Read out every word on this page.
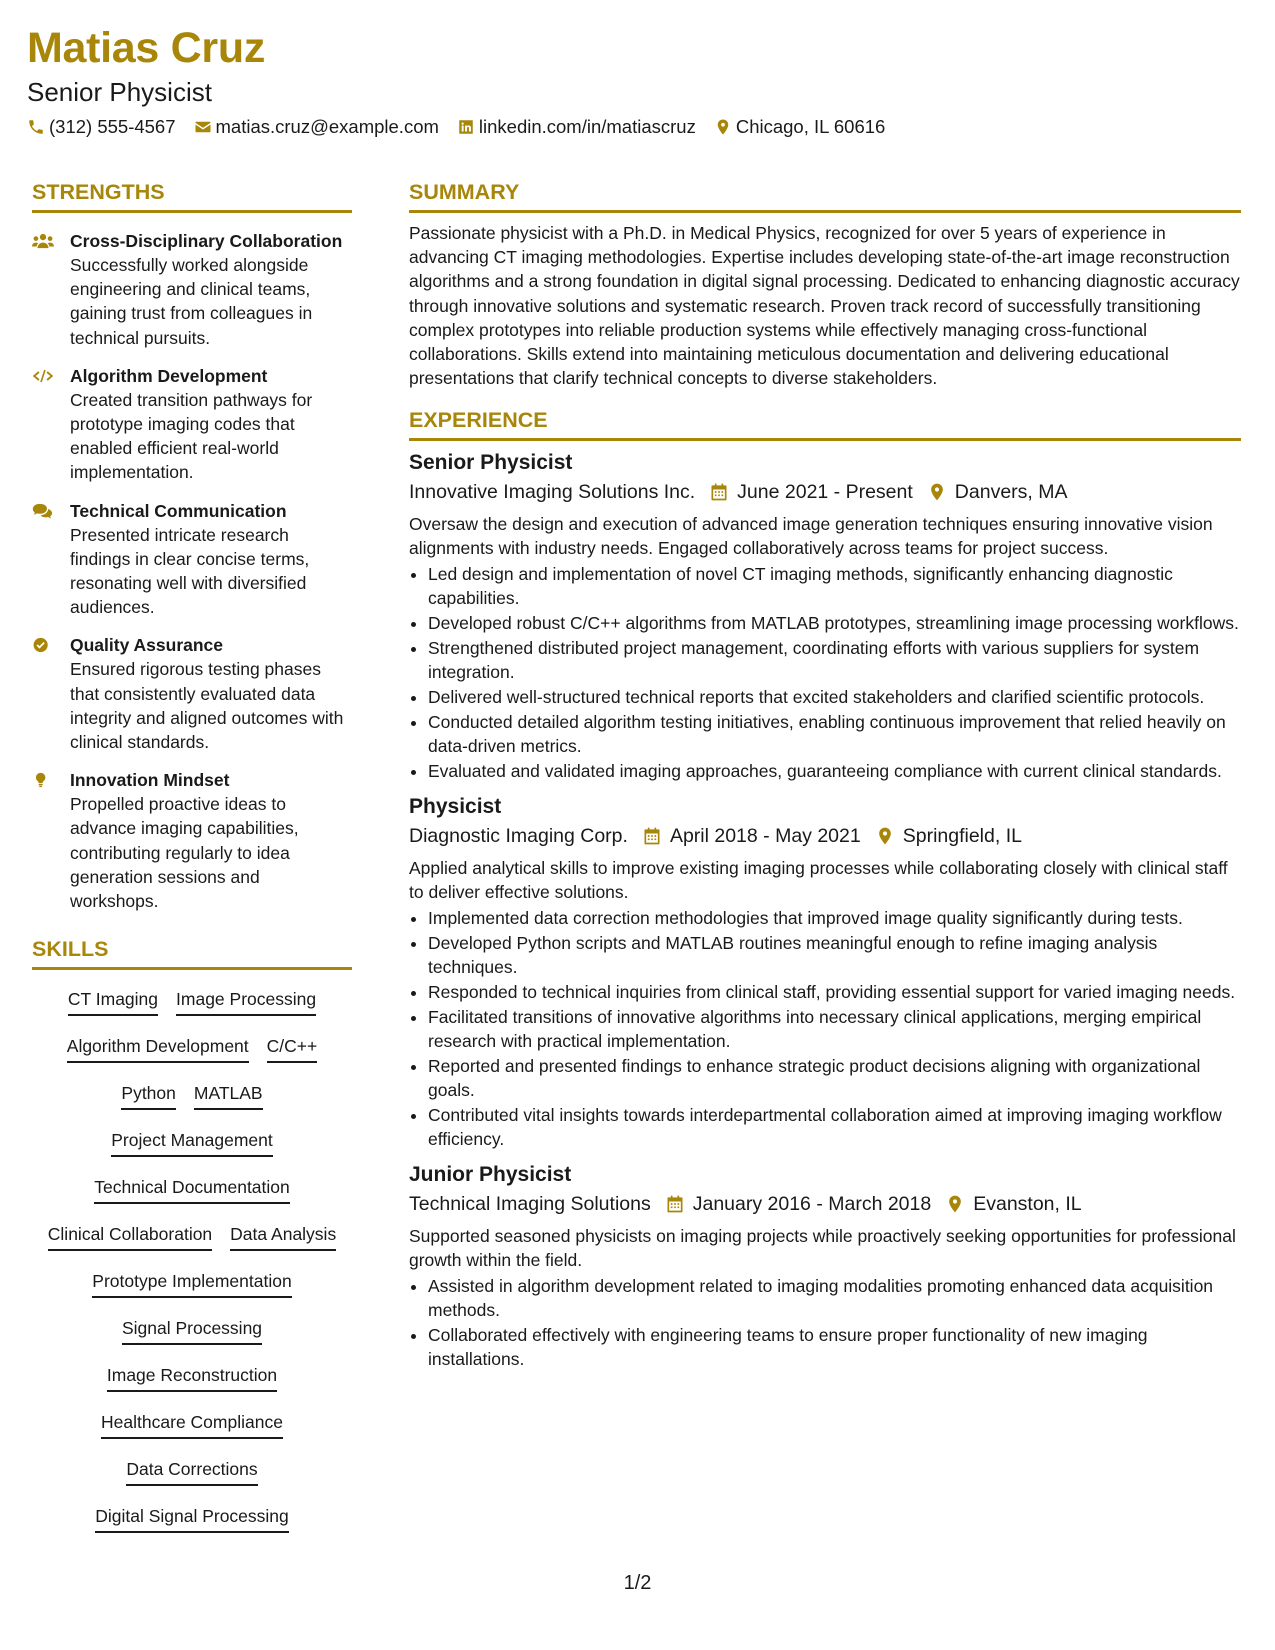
Matias Cruz
Senior Physicist
(312) 555-4567 matias.cruz@example.com linkedin.com/in/matiascruz Chicago, IL 60616
STRENGTHS
Cross-Disciplinary Collaboration
Successfully worked alongside engineering and clinical teams, gaining trust from colleagues in technical pursuits.
Algorithm Development
Created transition pathways for prototype imaging codes that enabled efficient real-world implementation.
Technical Communication
Presented intricate research findings in clear concise terms, resonating well with diversified audiences.
Quality Assurance
Ensured rigorous testing phases that consistently evaluated data integrity and aligned outcomes with clinical standards.
Innovation Mindset
Propelled proactive ideas to advance imaging capabilities, contributing regularly to idea generation sessions and workshops.
SKILLS
CT Imaging Image Processing
Algorithm Development C/C++
Python MATLAB
Project Management
Technical Documentation
Clinical Collaboration Data Analysis
Prototype Implementation
Signal Processing
Image Reconstruction
Healthcare Compliance
Data Corrections
Digital Signal Processing
SUMMARY
Passionate physicist with a Ph.D. in Medical Physics, recognized for over 5 years of experience in advancing CT imaging methodologies. Expertise includes developing state-of-the-art image reconstruction algorithms and a strong foundation in digital signal processing. Dedicated to enhancing diagnostic accuracy through innovative solutions and systematic research. Proven track record of successfully transitioning complex prototypes into reliable production systems while effectively managing cross-functional collaborations. Skills extend into maintaining meticulous documentation and delivering educational presentations that clarify technical concepts to diverse stakeholders.
EXPERIENCE
Senior Physicist
Innovative Imaging Solutions Inc. June 2021 - Present Danvers, MA
Oversaw the design and execution of advanced image generation techniques ensuring innovative vision alignments with industry needs. Engaged collaboratively across teams for project success.
• Led design and implementation of novel CT imaging methods, significantly enhancing diagnostic capabilities.
• Developed robust C/C++ algorithms from MATLAB prototypes, streamlining image processing workflows.
• Strengthened distributed project management, coordinating efforts with various suppliers for system integration.
• Delivered well-structured technical reports that excited stakeholders and clarified scientific protocols.
• Conducted detailed algorithm testing initiatives, enabling continuous improvement that relied heavily on data-driven metrics.
• Evaluated and validated imaging approaches, guaranteeing compliance with current clinical standards.
Physicist
Diagnostic Imaging Corp. April 2018 - May 2021 Springfield, IL
Applied analytical skills to improve existing imaging processes while collaborating closely with clinical staff to deliver effective solutions.
• Implemented data correction methodologies that improved image quality significantly during tests.
• Developed Python scripts and MATLAB routines meaningful enough to refine imaging analysis techniques.
• Responded to technical inquiries from clinical staff, providing essential support for varied imaging needs.
• Facilitated transitions of innovative algorithms into necessary clinical applications, merging empirical research with practical implementation.
• Reported and presented findings to enhance strategic product decisions aligning with organizational goals.
• Contributed vital insights towards interdepartmental collaboration aimed at improving imaging workflow efficiency.
Junior Physicist
Technical Imaging Solutions January 2016 - March 2018 Evanston, IL
Supported seasoned physicists on imaging projects while proactively seeking opportunities for professional growth within the field.
• Assisted in algorithm development related to imaging modalities promoting enhanced data acquisition methods.
• Collaborated effectively with engineering teams to ensure proper functionality of new imaging installations.
1/2
